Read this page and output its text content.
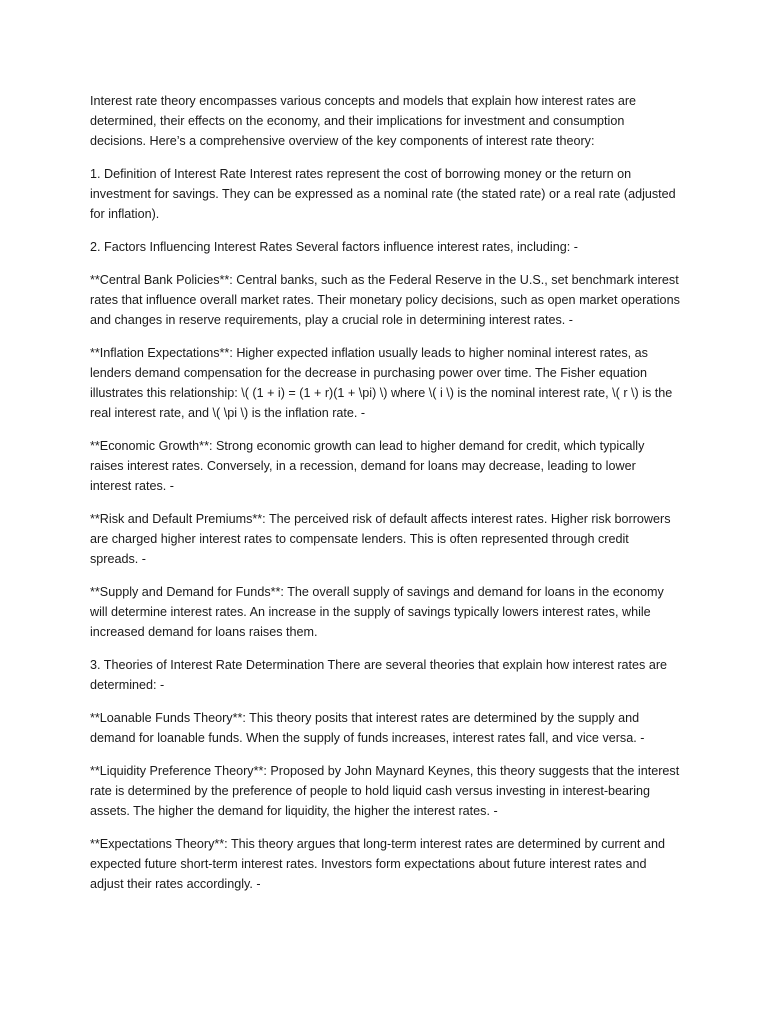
Interest rate theory encompasses various concepts and models that explain how interest rates are determined, their effects on the economy, and their implications for investment and consumption decisions. Here’s a comprehensive overview of the key components of interest rate theory:

1. Definition of Interest Rate Interest rates represent the cost of borrowing money or the return on investment for savings. They can be expressed as a nominal rate (the stated rate) or a real rate (adjusted for inflation).

2. Factors Influencing Interest Rates Several factors influence interest rates, including: -

**Central Bank Policies**: Central banks, such as the Federal Reserve in the U.S., set benchmark interest rates that influence overall market rates. Their monetary policy decisions, such as open market operations and changes in reserve requirements, play a crucial role in determining interest rates. -

**Inflation Expectations**: Higher expected inflation usually leads to higher nominal interest rates, as lenders demand compensation for the decrease in purchasing power over time. The Fisher equation illustrates this relationship: \( (1 + i) = (1 + r)(1 + \pi) \) where \( i \) is the nominal interest rate, \( r \) is the real interest rate, and \( \pi \) is the inflation rate. -

**Economic Growth**: Strong economic growth can lead to higher demand for credit, which typically raises interest rates. Conversely, in a recession, demand for loans may decrease, leading to lower interest rates. -

**Risk and Default Premiums**: The perceived risk of default affects interest rates. Higher risk borrowers are charged higher interest rates to compensate lenders. This is often represented through credit spreads. -

**Supply and Demand for Funds**: The overall supply of savings and demand for loans in the economy will determine interest rates. An increase in the supply of savings typically lowers interest rates, while increased demand for loans raises them.

3. Theories of Interest Rate Determination There are several theories that explain how interest rates are determined: -

**Loanable Funds Theory**: This theory posits that interest rates are determined by the supply and demand for loanable funds. When the supply of funds increases, interest rates fall, and vice versa. -

**Liquidity Preference Theory**: Proposed by John Maynard Keynes, this theory suggests that the interest rate is determined by the preference of people to hold liquid cash versus investing in interest-bearing assets. The higher the demand for liquidity, the higher the interest rates. -

**Expectations Theory**: This theory argues that long-term interest rates are determined by current and expected future short-term interest rates. Investors form expectations about future interest rates and adjust their rates accordingly. -
